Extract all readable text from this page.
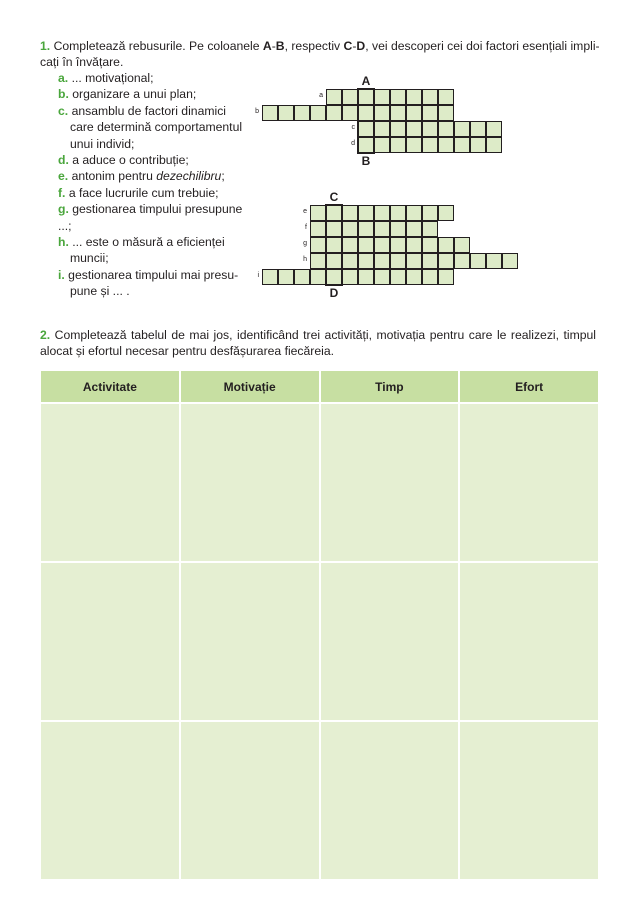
1. Completează rebusurile. Pe coloanele A-B, respectiv C-D, vei descoperi cei doi factori esențiali impli-cați în învățare.
a. ... motivațional;
b. organizare a unui plan;
c. ansamblu de factori dinamici
care determină comportamentul
unui individ;
d. a aduce o contribuție;
e. antonim pentru dezechilibru;
f. a face lucrurile cum trebuie;
g. gestionarea timpului presupune ...;
h. ... este o măsură a eficienței
muncii;
i. gestionarea timpului mai presu-
pune și ... .
A
B
a
b
c
d
C
D
e
f
g
h
i
2. Completează tabelul de mai jos, identificând trei activități, motivația pentru care le realizezi, timpul alocat și efortul necesar pentru desfășurarea fiecăreia.
Activitate	Motivație	Timp	Efort
